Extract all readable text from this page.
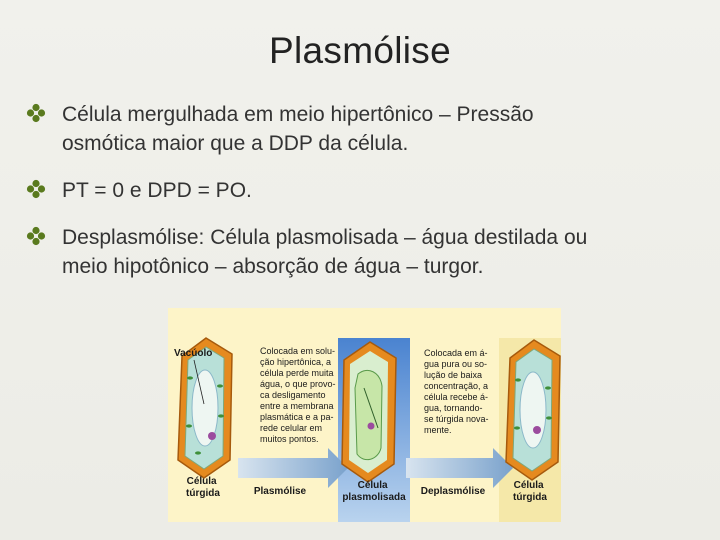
Plasmólise
Célula mergulhada em meio hipertônico – Pressão
osmótica maior que a DDP da célula.
PT = 0 e DPD = PO.
Desplasmólise: Célula plasmolisada – água destilada ou
meio hipotônico – absorção de água – turgor.
Vacúolo	Colocada em solu- ção hipertônica, a célula perde muita água, o que provo- ca desligamento entre a membrana plasmática e a pa- rede celular em muitos pontos.
Colocada em á- gua pura ou so- lução de baixa concentração, a célula recebe á- gua, tornando- se túrgida nova- mente.
Célula túrgida	Plasmólise
Célula plasmolisada
Deplasmólise
Célula túrgida
